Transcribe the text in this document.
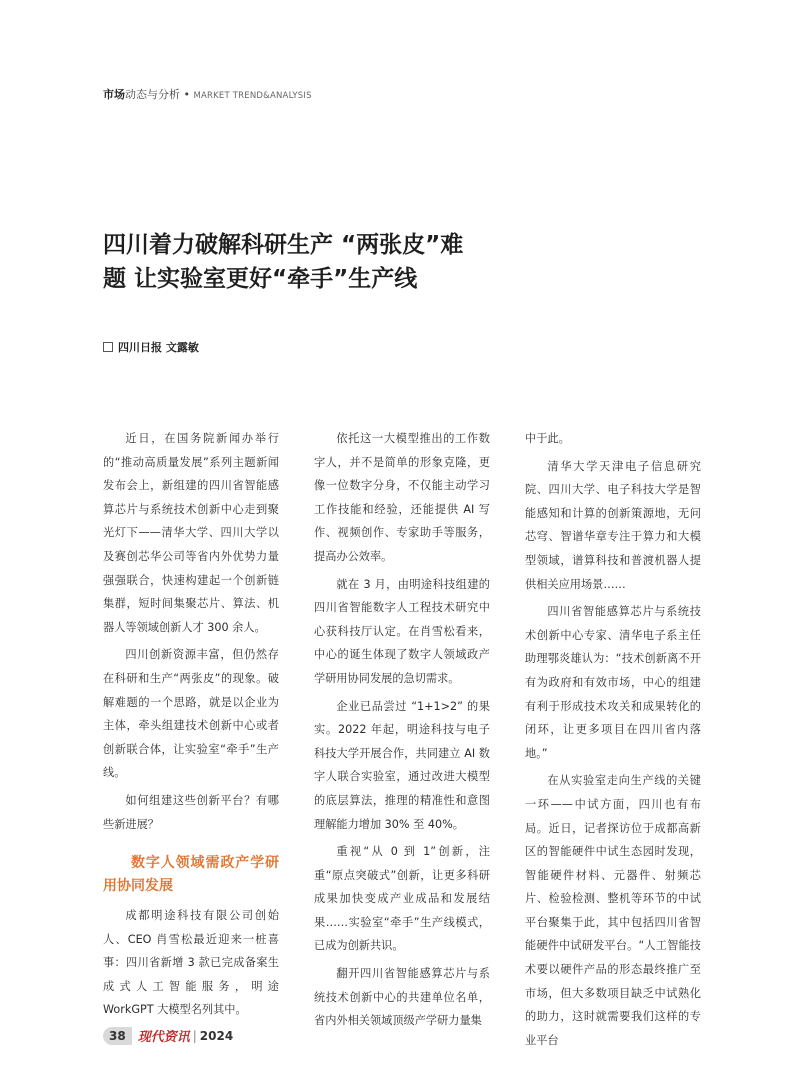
市场动态与分析 • MARKET TREND&ANALYSIS
四川着力破解科研生产 “两张皮”难
题 让实验室更好“牵手”生产线
四川日报 文露敏

近日，在国务院新闻办举行的“推动高质量发展”系列主题新闻发布会上，新组建的四川省智能感算芯片与系统技术创新中心走到聚光灯下——清华大学、四川大学以及赛创芯华公司等省内外优势力量强强联合，快速构建起一个创新链集群，短时间集聚芯片、算法、机器人等领域创新人才 300 余人。

四川创新资源丰富，但仍然存在科研和生产“两张皮”的现象。破解难题的一个思路，就是以企业为主体，牵头组建技术创新中心或者创新联合体，让实验室“牵手”生产线。

如何组建这些创新平台？有哪些新进展？

数字人领域需政产学研用协同发展

成都明途科技有限公司创始人、CEO 肖雪松最近迎来一桩喜事：四川省新增 3 款已完成备案生成式人工智能服务，明途 WorkGPT 大模型名列其中。

依托这一大模型推出的工作数字人，并不是简单的形象克隆，更像一位数字分身，不仅能主动学习工作技能和经验，还能提供 AI 写作、视频创作、专家助手等服务，提高办公效率。

就在 3 月，由明途科技组建的四川省智能数字人工程技术研究中心获科技厅认定。在肖雪松看来，中心的诞生体现了数字人领域政产学研用协同发展的急切需求。

企业已品尝过 “1+1>2” 的果实。2022 年起，明途科技与电子科技大学开展合作，共同建立 AI 数字人联合实验室，通过改进大模型的底层算法，推理的精准性和意图理解能力增加 30% 至 40%。

重视“从 0 到 1”创新，注重“原点突破式”创新，让更多科研成果加快变成产业成品和发展结果……实验室“牵手”生产线模式，已成为创新共识。

翻开四川省智能感算芯片与系统技术创新中心的共建单位名单，省内外相关领域顶级产学研力量集

中于此。

清华大学天津电子信息研究院、四川大学、电子科技大学是智能感知和计算的创新策源地，无问芯穹、智谱华章专注于算力和大模型领域，谱算科技和普渡机器人提供相关应用场景……

四川省智能感算芯片与系统技术创新中心专家、清华电子系主任助理鄂炎雄认为：“技术创新离不开有为政府和有效市场，中心的组建有利于形成技术攻关和成果转化的闭环，让更多项目在四川省内落地。”

在从实验室走向生产线的关键一环——中试方面，四川也有布局。近日，记者探访位于成都高新区的智能硬件中试生态园时发现，智能硬件材料、元器件、射频芯片、检验检测、整机等环节的中试平台聚集于此，其中包括四川省智能硬件中试研发平台。“人工智能技术要以硬件产品的形态最终推广至市场，但大多数项目缺乏中试熟化的助力，这时就需要我们这样的专业平台

38 现代资讯 | 2024
